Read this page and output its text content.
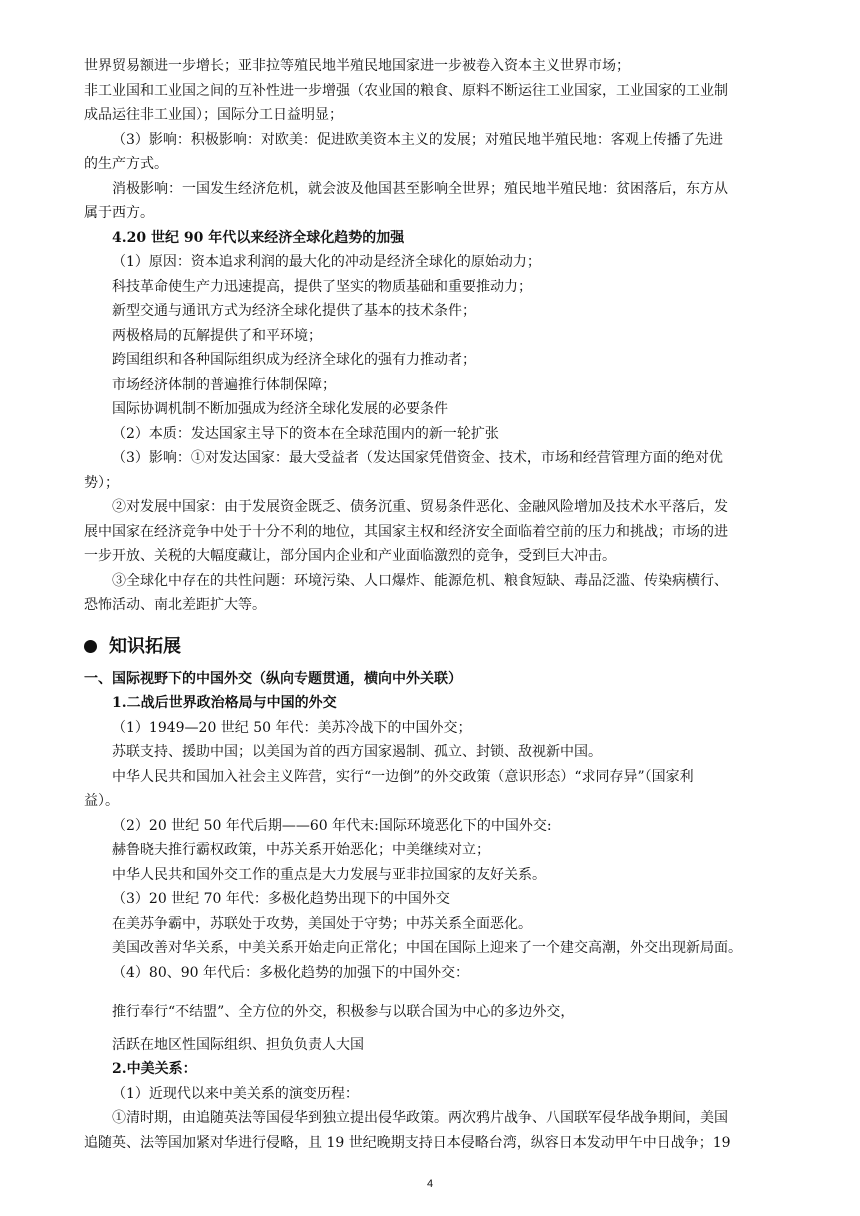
世界贸易额进一步增长；亚非拉等殖民地半殖民地国家进一步被卷入资本主义世界市场；
非工业国和工业国之间的互补性进一步增强（农业国的粮食、原料不断运往工业国家，工业国家的工业制
成品运往非工业国）；国际分工日益明显；
（3）影响：积极影响：对欧美：促进欧美资本主义的发展；对殖民地半殖民地：客观上传播了先进
的生产方式。
消极影响：一国发生经济危机，就会波及他国甚至影响全世界；殖民地半殖民地：贫困落后，东方从
属于西方。
4.20 世纪 90 年代以来经济全球化趋势的加强
（1）原因：资本追求利润的最大化的冲动是经济全球化的原始动力；
科技革命使生产力迅速提高，提供了坚实的物质基础和重要推动力；
新型交通与通讯方式为经济全球化提供了基本的技术条件；
两极格局的瓦解提供了和平环境；
跨国组织和各种国际组织成为经济全球化的强有力推动者；
市场经济体制的普遍推行体制保障；
国际协调机制不断加强成为经济全球化发展的必要条件
（2）本质：发达国家主导下的资本在全球范围内的新一轮扩张
（3）影响：①对发达国家：最大受益者（发达国家凭借资金、技术，市场和经营管理方面的绝对优
势）；
②对发展中国家：由于发展资金既乏、债务沉重、贸易条件恶化、金融风险增加及技术水平落后，发
展中国家在经济竞争中处于十分不利的地位，其国家主权和经济安全面临着空前的压力和挑战；市场的进
一步开放、关税的大幅度藏让，部分国内企业和产业面临激烈的竞争，受到巨大冲击。
③全球化中存在的共性问题：环境污染、人口爆炸、能源危机、粮食短缺、毒品泛滥、传染病横行、
恐怖活动、南北差距扩大等。
知识拓展
一、国际视野下的中国外交（纵向专题贯通，横向中外关联）
1.二战后世界政治格局与中国的外交
（1）1949—20 世纪 50 年代：美苏冷战下的中国外交；
苏联支持、援助中国；以美国为首的西方国家遏制、孤立、封锁、敌视新中国。
中华人民共和国加入社会主义阵营，实行“一边倒”的外交政策（意识形态）“求同存异”（国家利
益）。
（2）20 世纪 50 年代后期——60 年代末:国际环境恶化下的中国外交:
赫鲁晓夫推行霸权政策，中苏关系开始恶化；中美继续对立；
中华人民共和国外交工作的重点是大力发展与亚非拉国家的友好关系。
（3）20 世纪 70 年代：多极化趋势出现下的中国外交
在美苏争霸中，苏联处于攻势，美国处于守势；中苏关系全面恶化。
美国改善对华关系，中美关系开始走向正常化；中国在国际上迎来了一个建交高潮，外交出现新局面。
（4）80、90 年代后：多极化趋势的加强下的中国外交：
推行奉行“不结盟”、全方位的外交，积极参与以联合国为中心的多边外交，
活跃在地区性国际组织、担负负责人大国
2.中美关系：
（1）近现代以来中美关系的演变历程：
①清时期，由追随英法等国侵华到独立提出侵华政策。两次鸦片战争、八国联军侵华战争期间，美国
追随英、法等国加紧对华进行侵略，且 19 世纪晚期支持日本侵略台湾，纵容日本发动甲午中日战争；19
4
